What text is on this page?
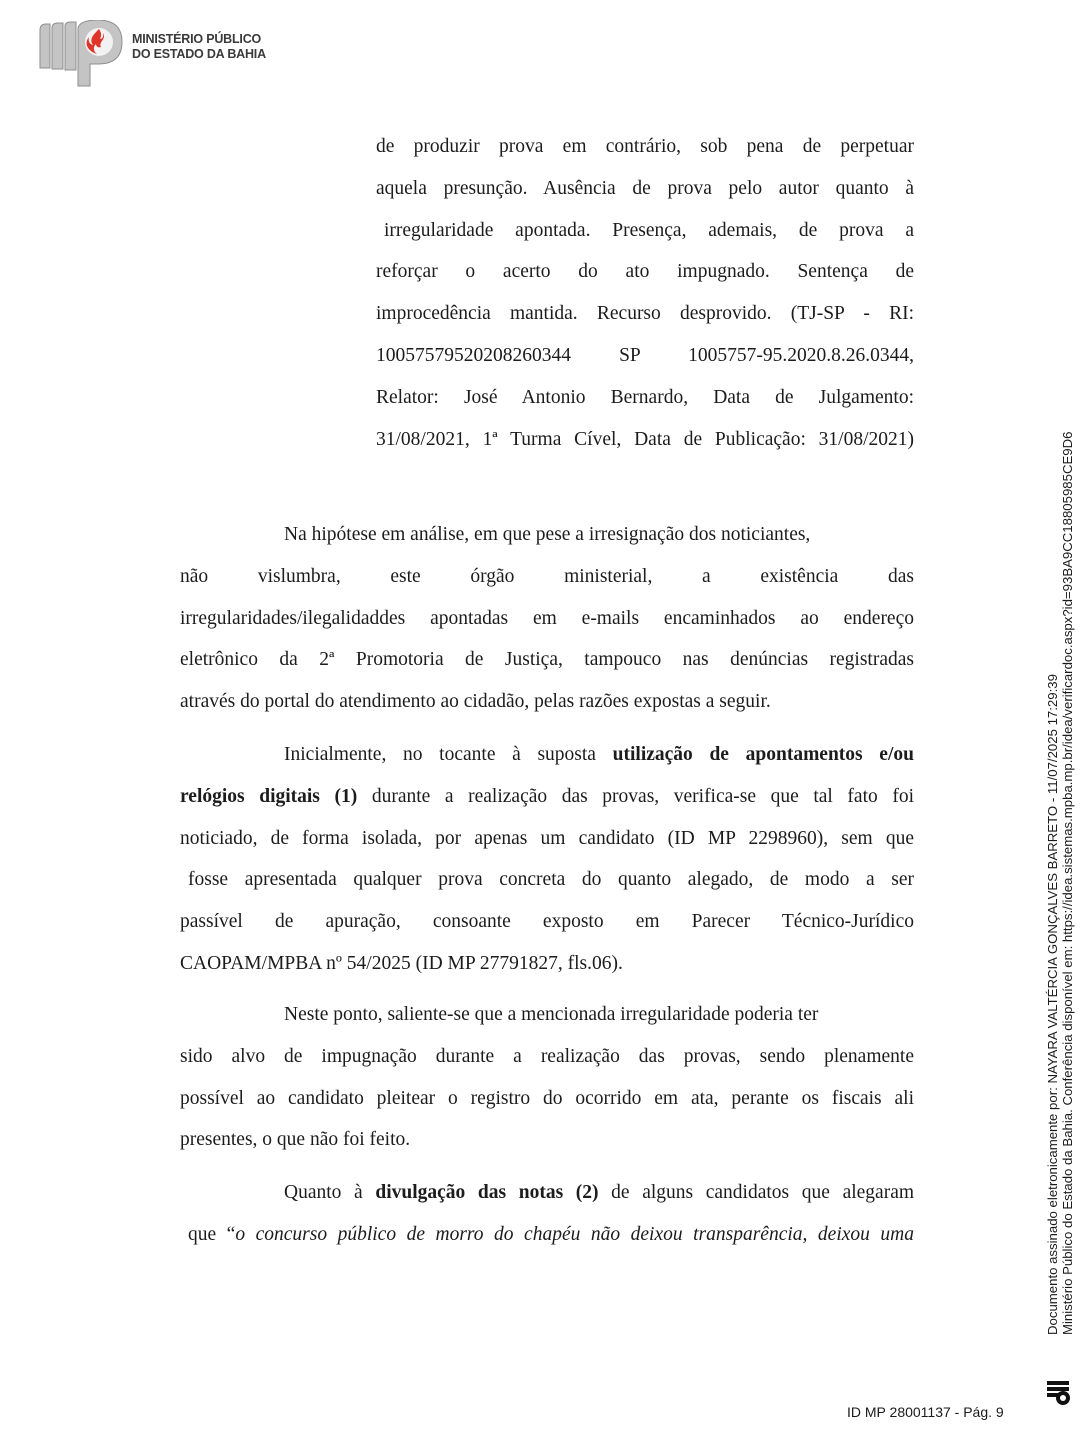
MINISTÉRIO PÚBLICO
DO ESTADO DA BAHIA
de produzir prova em contrário, sob pena de perpetuar
aquela presunção. Ausência de prova pelo autor quanto à
irregularidade apontada. Presença, ademais, de prova a
reforçar o acerto do ato impugnado. Sentença de
improcedência mantida. Recurso desprovido. (TJ-SP - RI:
10057579520208260344 SP 1005757-95.2020.8.26.0344,
Relator: José Antonio Bernardo, Data de Julgamento:
31/08/2021, 1ª Turma Cível, Data de Publicação: 31/08/2021)
Na hipótese em análise, em que pese a irresignação dos noticiantes,
não vislumbra, este órgão ministerial, a existência das
irregularidades/ilegalidaddes apontadas em e-mails encaminhados ao endereço
eletrônico da 2ª Promotoria de Justiça, tampouco nas denúncias registradas
através do portal do atendimento ao cidadão, pelas razões expostas a seguir.
Inicialmente, no tocante à suposta utilização de apontamentos e/ou
relógios digitais (1) durante a realização das provas, verifica-se que tal fato foi
noticiado, de forma isolada, por apenas um candidato (ID MP 2298960), sem que
fosse apresentada qualquer prova concreta do quanto alegado, de modo a ser
passível de apuração, consoante exposto em Parecer Técnico-Jurídico
CAOPAM/MPBA nº 54/2025 (ID MP 27791827, fls.06).
Neste ponto, saliente-se que a mencionada irregularidade poderia ter
sido alvo de impugnação durante a realização das provas, sendo plenamente
possível ao candidato pleitear o registro do ocorrido em ata, perante os fiscais ali
presentes, o que não foi feito.
Quanto à divulgação das notas (2) de alguns candidatos que alegaram
que “o concurso público de morro do chapéu não deixou transparência, deixou uma	Documento assinado eletronicamente por: NAYARA VALTÉRCIA GONÇALVES BARRETO - 11/07/2025 17:29:39 Ministério Público do Estado da Bahia. Conferência disponível em: https://idea.sistemas.mpba.mp.br/idea/verificardoc.aspx?id=93BA9CC18805985CE9D6
ID MP 28001137 - Pág. 9
